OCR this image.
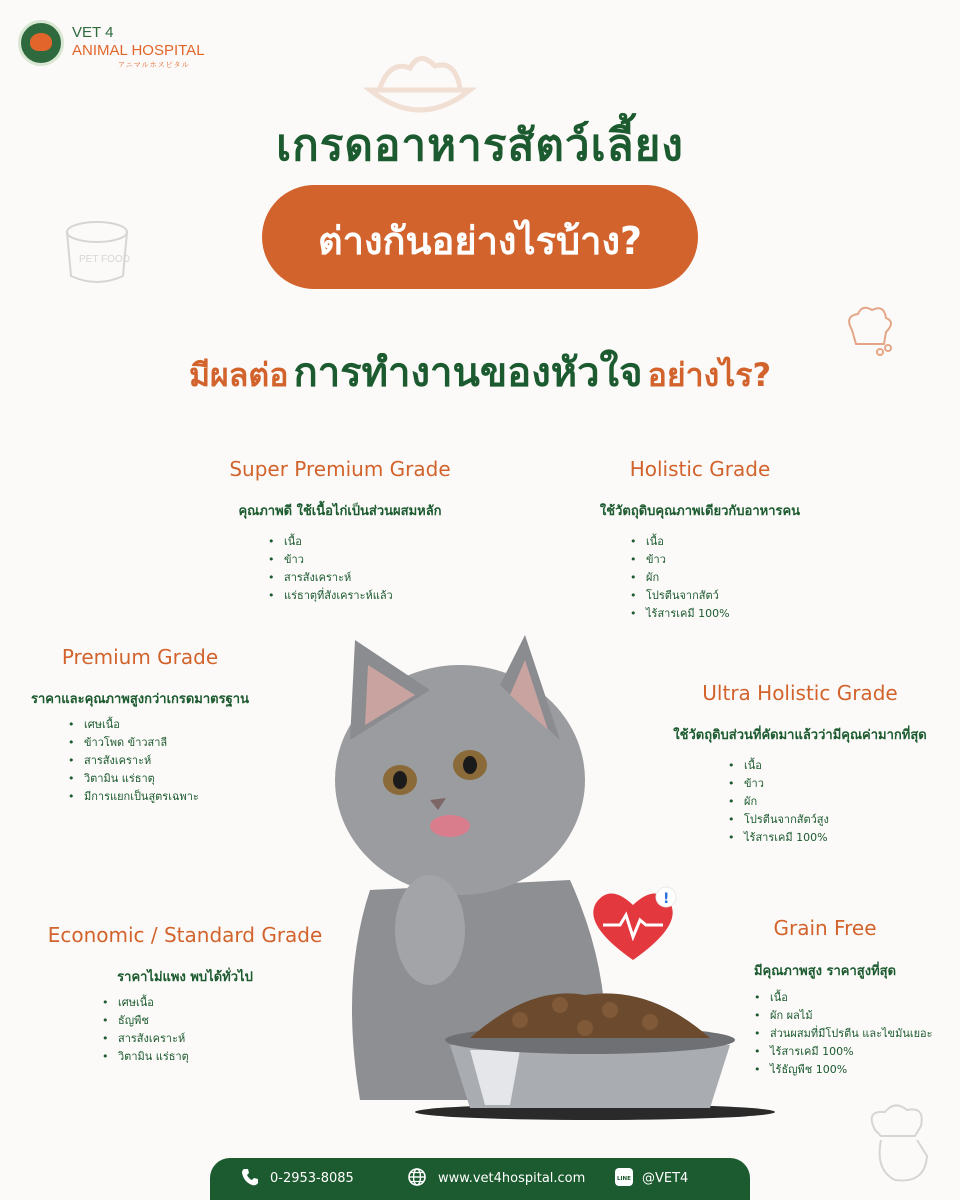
VET 4
ANIMAL HOSPITAL
アニマルホスピタル
PET FOOD
เกรดอาหารสัตว์เลี้ยง
ต่างกันอย่างไรบ้าง?
มีผลต่อ การทำงานของหัวใจ อย่างไร?
!
Super Premium Grade
คุณภาพดี ใช้เนื้อไก่เป็นส่วนผสมหลัก
• เนื้อ
• ข้าว
• สารสังเคราะห์
• แร่ธาตุที่สังเคราะห์แล้ว
Holistic Grade
ใช้วัตถุดิบคุณภาพเดียวกับอาหารคน
• เนื้อ
• ข้าว
• ผัก
• โปรตีนจากสัตว์
• ไร้สารเคมี 100%
Premium Grade
ราคาและคุณภาพสูงกว่าเกรดมาตรฐาน
• เศษเนื้อ
• ข้าวโพด ข้าวสาลี
• สารสังเคราะห์
• วิตามิน แร่ธาตุ
• มีการแยกเป็นสูตรเฉพาะ
Ultra Holistic Grade
ใช้วัตถุดิบส่วนที่คัดมาแล้วว่ามีคุณค่ามากที่สุด
• เนื้อ
• ข้าว
• ผัก
• โปรตีนจากสัตว์สูง
• ไร้สารเคมี 100%
Economic / Standard Grade
ราคาไม่แพง พบได้ทั่วไป
• เศษเนื้อ
• ธัญพืช
• สารสังเคราะห์
• วิตามิน แร่ธาตุ
Grain Free
มีคุณภาพสูง ราคาสูงที่สุด
• เนื้อ
• ผัก ผลไม้
• ส่วนผสมที่มีโปรตีน และไขมันเยอะ
• ไร้สารเคมี 100%
• ไร้ธัญพืช 100%
0-2953-8085	www.vet4hospital.com	LINE @VET4
